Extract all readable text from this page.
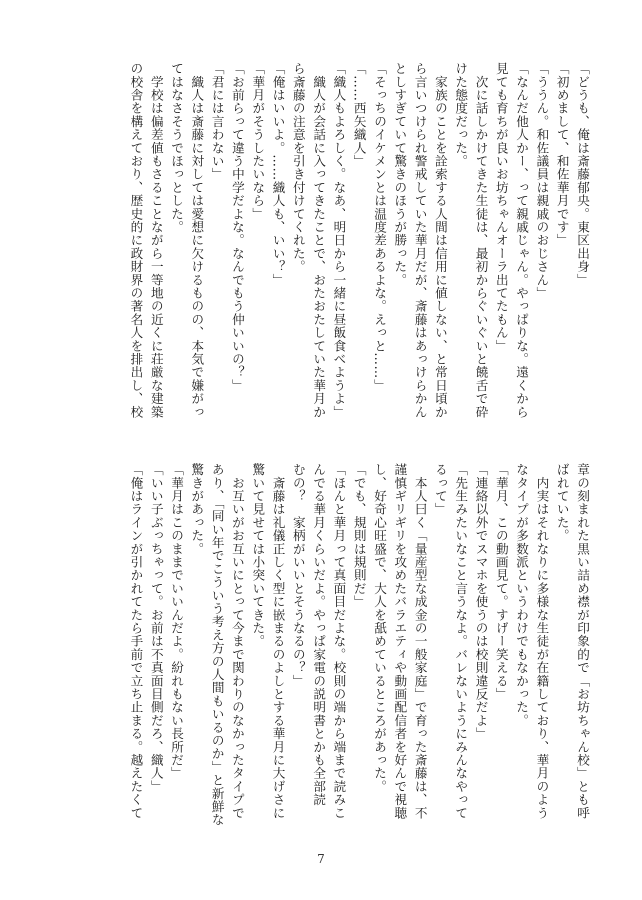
「どうも、俺は斎藤郁央。東区出身」
「初めまして、和佐華月です」
「ううん。和佐議員は親戚のおじさん」
「なんだ他人かー、って親戚じゃん。やっぱりな。遠くから
見ても育ちが良いお坊ちゃんオーラ出てたもん」
　次に話しかけてきた生徒は、最初からぐいぐいと饒舌で砕
けた態度だった。
　家族のことを詮索する人間は信用に値しない、と常日頃か
ら言いつけられ警戒していた華月だが、斎藤はあっけらかん
としすぎていて驚きのほうが勝った。
「そっちのイケメンとは温度差あるよな。えっと……」
「……西矢織人」
「織人もよろしく。なあ、明日から一緒に昼飯食べようよ」
　織人が会話に入ってきたことで、おたおたしていた華月か
ら斎藤の注意を引き付けてくれた。
「俺はいいよ。……織人も、いい？」
「華月がそうしたいなら」
「お前らって違う中学だよな。なんでもう仲いいの？」
「君には言わない」
　織人は斎藤に対しては愛想に欠けるものの、本気で嫌がっ
てはなさそうでほっとした。
　学校は偏差値もさることながら一等地の近くに荘厳な建築
の校舎を構えており、歴史的に政財界の著名人を排出し、校
章の刻まれた黒い詰め襟が印象的で「お坊ちゃん校」とも呼
ばれていた。
　内実はそれなりに多様な生徒が在籍しており、華月のよう
なタイプが多数派というわけでもなかった。
「華月、この動画見て。すげー笑える」
「連絡以外でスマホを使うのは校則違反だよ」
「先生みたいなこと言うなよ。バレないようにみんなやって
るって」
　本人曰く「量産型な成金の一般家庭」で育った斎藤は、不
謹慎ギリギリを攻めたバラエティや動画配信者を好んで視聴
し、好奇心旺盛で、大人を舐めているところがあった。
「でも、規則は規則だ」
「ほんと華月って真面目だよな。校則の端から端まで読みこ
んでる華月くらいだよ。やっぱ家電の説明書とかも全部読
むの？　家柄がいいとそうなるの？」
　斎藤は礼儀正しく型に嵌まるのよしとする華月に大げさに
驚いて見せては小突いてきた。
　お互いがお互いにとって今まで関わりのなかったタイプで
あり、「同い年でこういう考え方の人間もいるのか」と新鮮な
驚きがあった。
「華月はこのままでいいんだよ。紛れもない長所だ」
「いい子ぶっちゃって。お前は不真面目側だろ、織人」
「俺はラインが引かれてたら手前で立ち止まる。越えたくて
7
